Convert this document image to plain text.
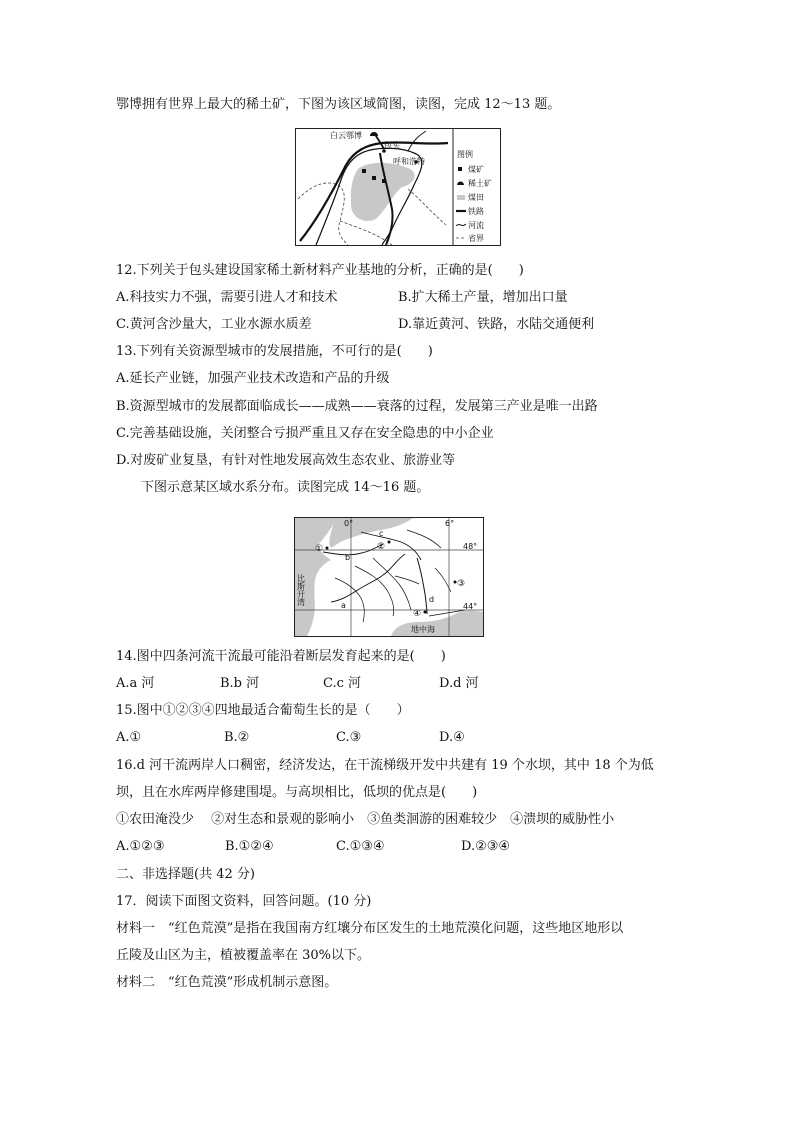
鄂博拥有世界上最大的稀土矿，下图为该区域简图，读图，完成 12～13 题。
白云鄂博
包头
呼和浩特
图例
煤矿
稀土矿
煤田
铁路
河流
省界
12.下列关于包头建设国家稀土新材料产业基地的分析，正确的是(　　)
A.科技实力不强，需要引进人才和技术	B.扩大稀土产量，增加出口量
C.黄河含沙量大，工业水源水质差	D.靠近黄河、铁路，水陆交通便利
13.下列有关资源型城市的发展措施，不可行的是(　　)
A.延长产业链，加强产业技术改造和产品的升级
B.资源型城市的发展都面临成长——成熟——衰落的过程，发展第三产业是唯一出路
C.完善基础设施，关闭整合亏损严重且又存在安全隐患的中小企业
D.对废矿业复垦，有针对性地发展高效生态农业、旅游业等
下图示意某区域水系分布。读图完成 14～16 题。
0°	6°
48°
44°
比斯开湾
地中海
①	②
③
④
a
b
c
d
14.图中四条河流干流最可能沿着断层发育起来的是(　　)
A.a 河	B.b 河	C.c 河	D.d 河
15.图中①②③④四地最适合葡萄生长的是（　　）
A.①	B.②	C.③	D.④
16.d 河干流两岸人口稠密，经济发达，在干流梯级开发中共建有 19 个水坝，其中 18 个为低
坝，且在水库两岸修建围堤。与高坝相比，低坝的优点是(　　)
①农田淹没少　 ②对生态和景观的影响小　③鱼类洄游的困难较少　④溃坝的威胁性小
A.①②③	B.①②④	C.①③④	D.②③④
二、非选择题(共 42 分)
17．阅读下面图文资料，回答问题。(10 分)
材料一　“红色荒漠”是指在我国南方红壤分布区发生的土地荒漠化问题，这些地区地形以
丘陵及山区为主，植被覆盖率在 30%以下。
材料二　“红色荒漠”形成机制示意图。
